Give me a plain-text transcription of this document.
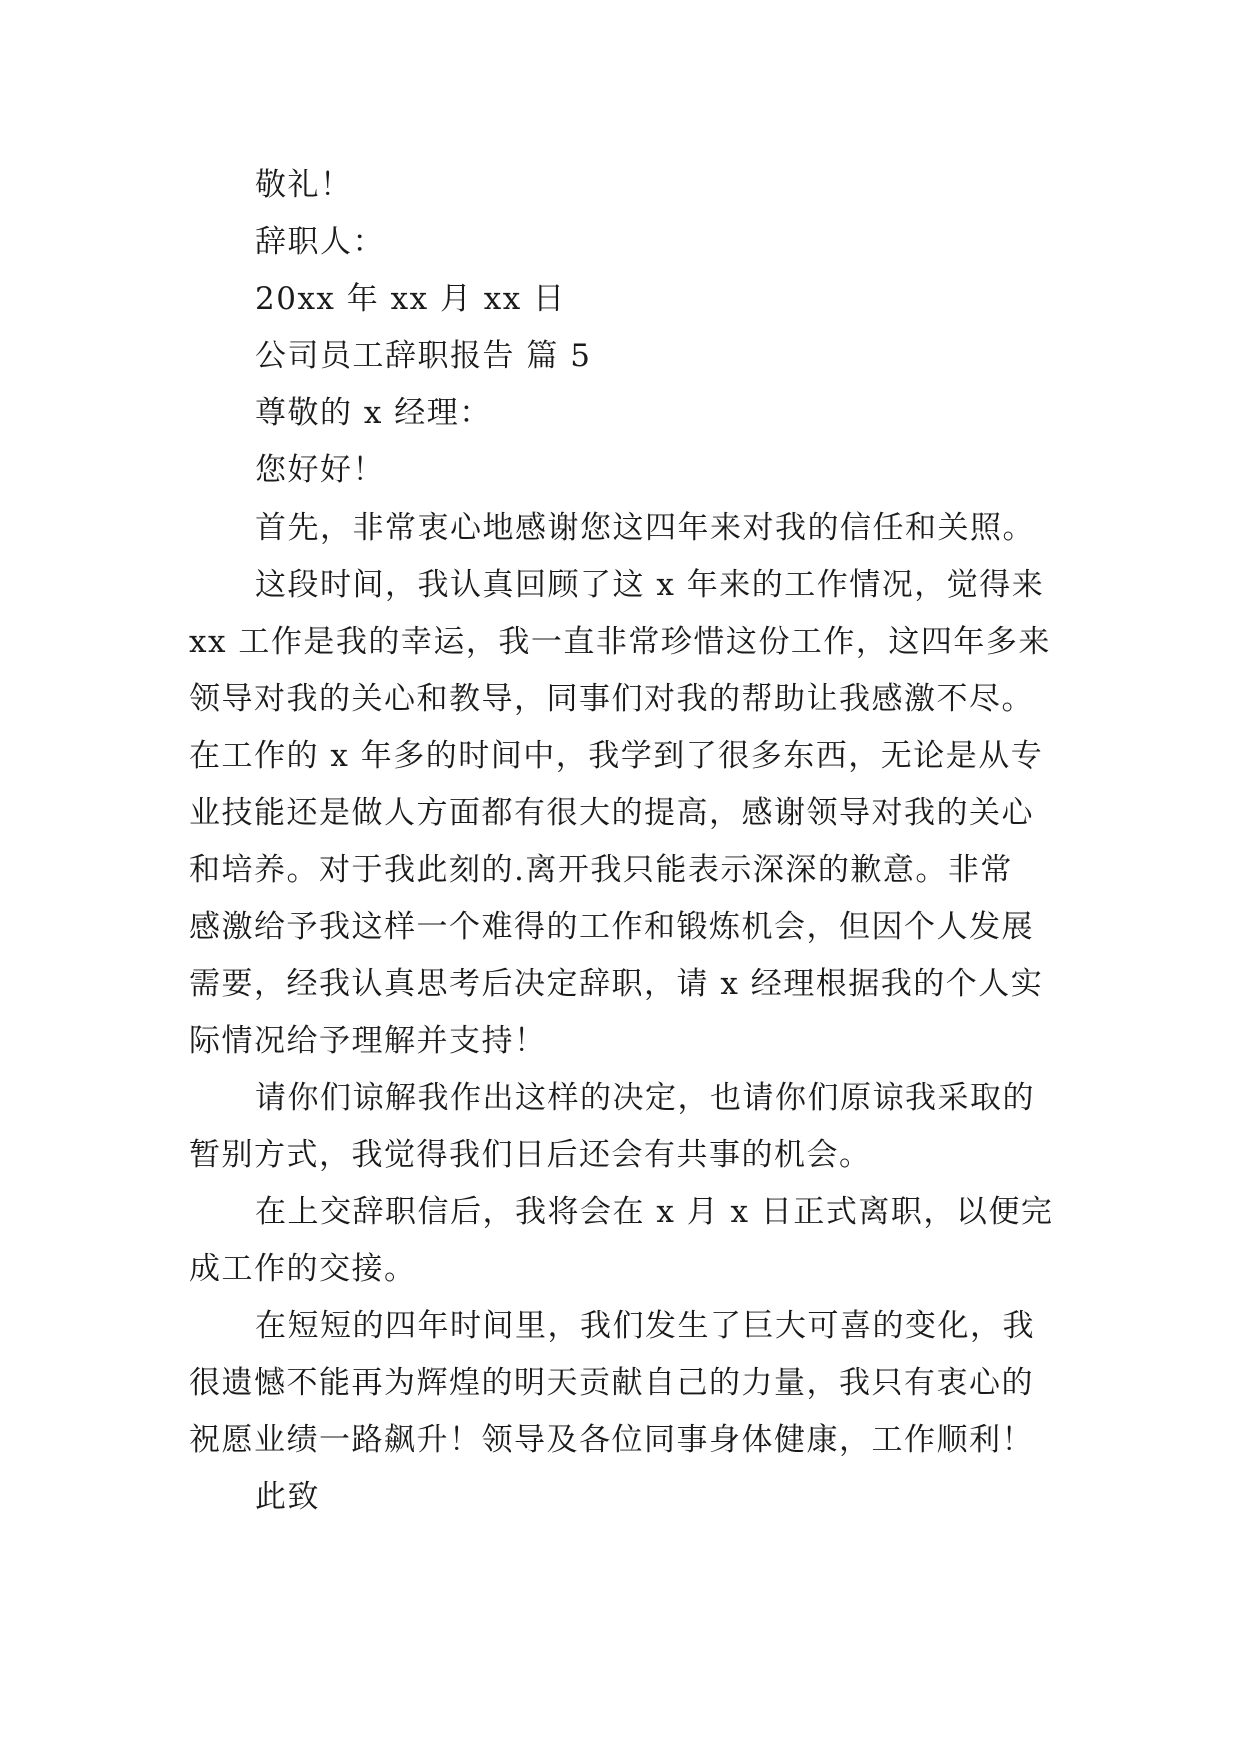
敬礼！
辞职人：
20xx 年 xx 月 xx 日
公司员工辞职报告 篇 5
尊敬的 x 经理：
您好好！
首先，非常衷心地感谢您这四年来对我的信任和关照。
这段时间，我认真回顾了这 x 年来的工作情况，觉得来
xx 工作是我的幸运，我一直非常珍惜这份工作，这四年多来
领导对我的关心和教导，同事们对我的帮助让我感激不尽。
在工作的 x 年多的时间中，我学到了很多东西，无论是从专
业技能还是做人方面都有很大的提高，感谢领导对我的关心
和培养。对于我此刻的.离开我只能表示深深的歉意。非常
感激给予我这样一个难得的工作和锻炼机会，但因个人发展
需要，经我认真思考后决定辞职，请 x 经理根据我的个人实
际情况给予理解并支持！
请你们谅解我作出这样的决定，也请你们原谅我采取的
暂别方式，我觉得我们日后还会有共事的机会。
在上交辞职信后，我将会在 x 月 x 日正式离职，以便完
成工作的交接。
在短短的四年时间里，我们发生了巨大可喜的变化，我
很遗憾不能再为辉煌的明天贡献自己的力量，我只有衷心的
祝愿业绩一路飙升！领导及各位同事身体健康，工作顺利！
此致
